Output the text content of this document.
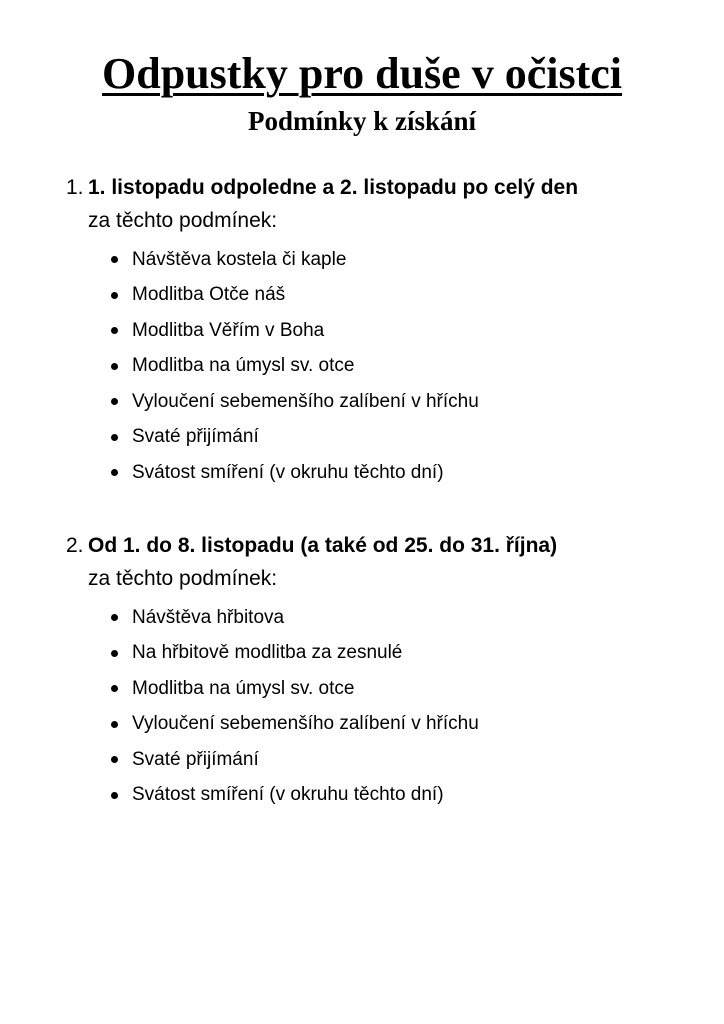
Odpustky pro duše v očistci
Podmínky k získání
1. 1. listopadu odpoledne a 2. listopadu po celý den
za těchto podmínek:
Návštěva kostela či kaple
Modlitba Otče náš
Modlitba Věřím v Boha
Modlitba na úmysl sv. otce
Vyloučení sebemenšího zalíbení v hříchu
Svaté přijímání
Svátost smíření (v okruhu těchto dní)
2. Od 1. do 8. listopadu (a také od 25. do 31. října)
za těchto podmínek:
Návštěva hřbitova
Na hřbitově modlitba za zesnulé
Modlitba na úmysl sv. otce
Vyloučení sebemenšího zalíbení v hříchu
Svaté přijímání
Svátost smíření (v okruhu těchto dní)
